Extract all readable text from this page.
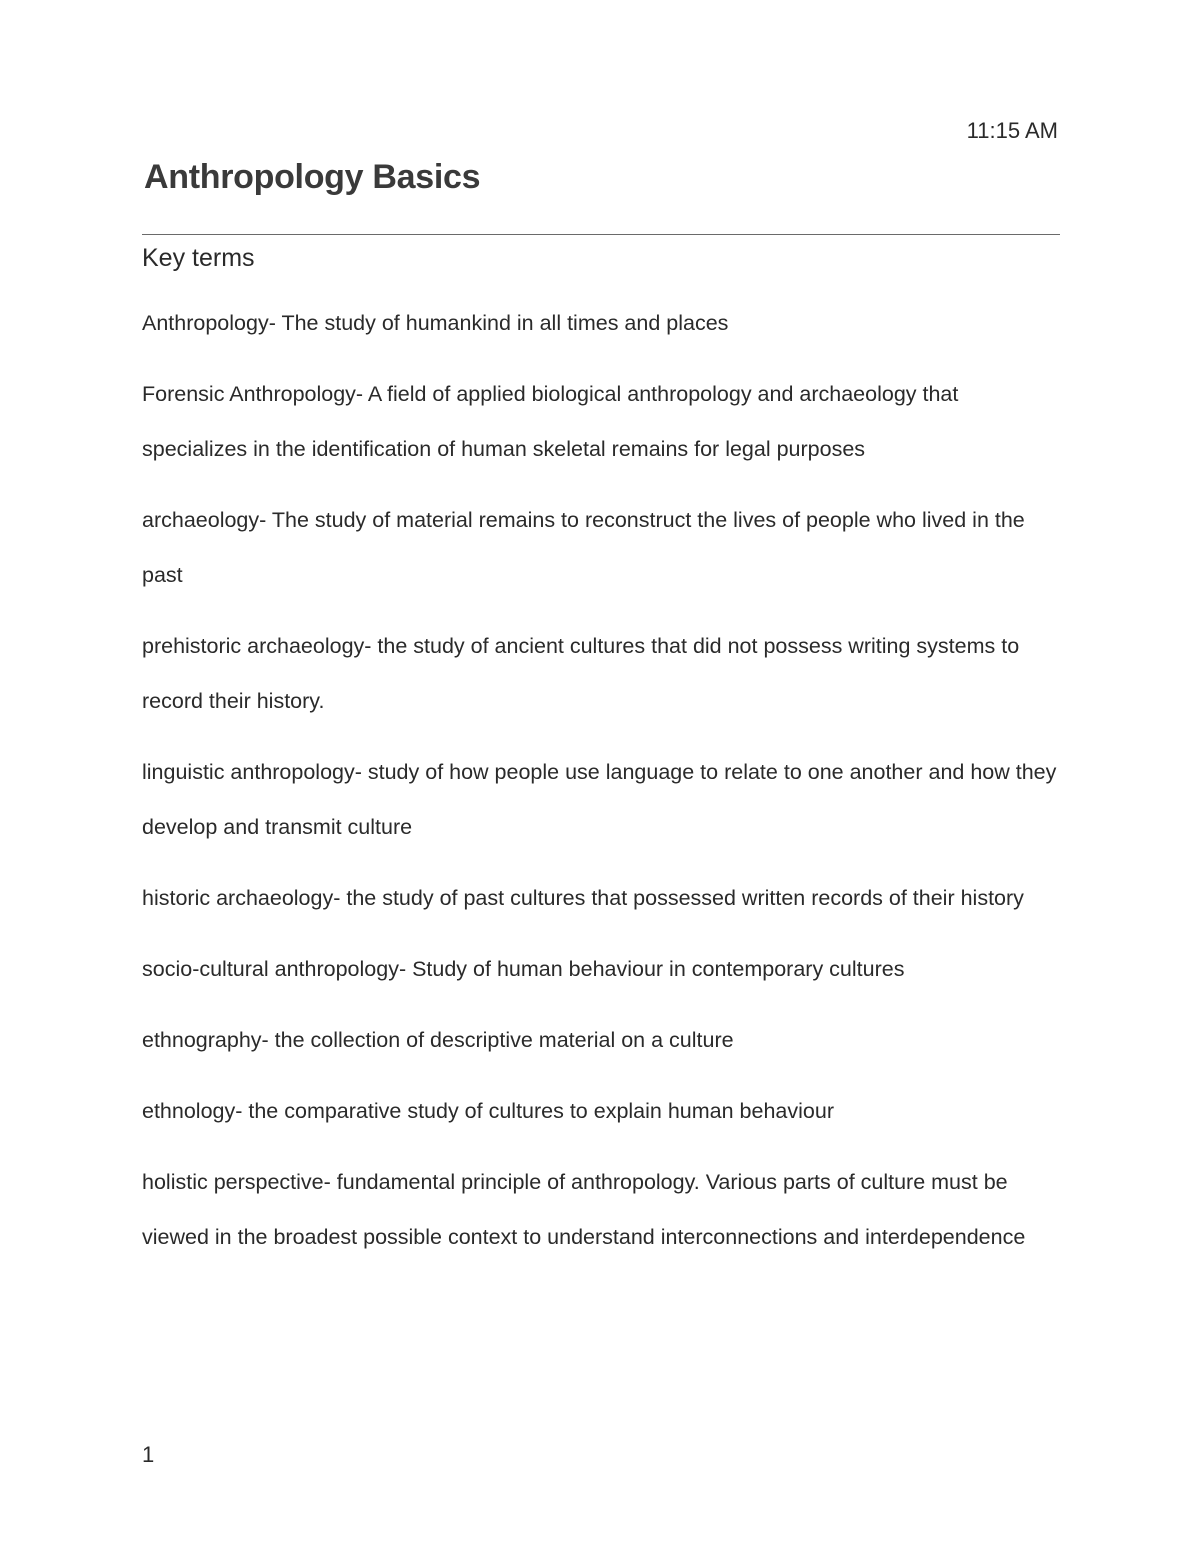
11:15 AM
Anthropology Basics
Key terms

Anthropology- The study of humankind in all times and places

Forensic Anthropology- A field of applied biological anthropology and archaeology that specializes in the identification of human skeletal remains for legal purposes

archaeology- The study of material remains to reconstruct the lives of people who lived in the past

prehistoric archaeology- the study of ancient cultures that did not possess writing systems to record their history.

linguistic anthropology- study of how people use language to relate to one another and how they develop and transmit culture

historic archaeology- the study of past cultures that possessed written records of their history

socio-cultural anthropology- Study of human behaviour in contemporary cultures

ethnography- the collection of descriptive material on a culture

ethnology- the comparative study of cultures to explain human behaviour

holistic perspective- fundamental principle of anthropology. Various parts of culture must be viewed in the broadest possible context to understand interconnections and interdependence

1
